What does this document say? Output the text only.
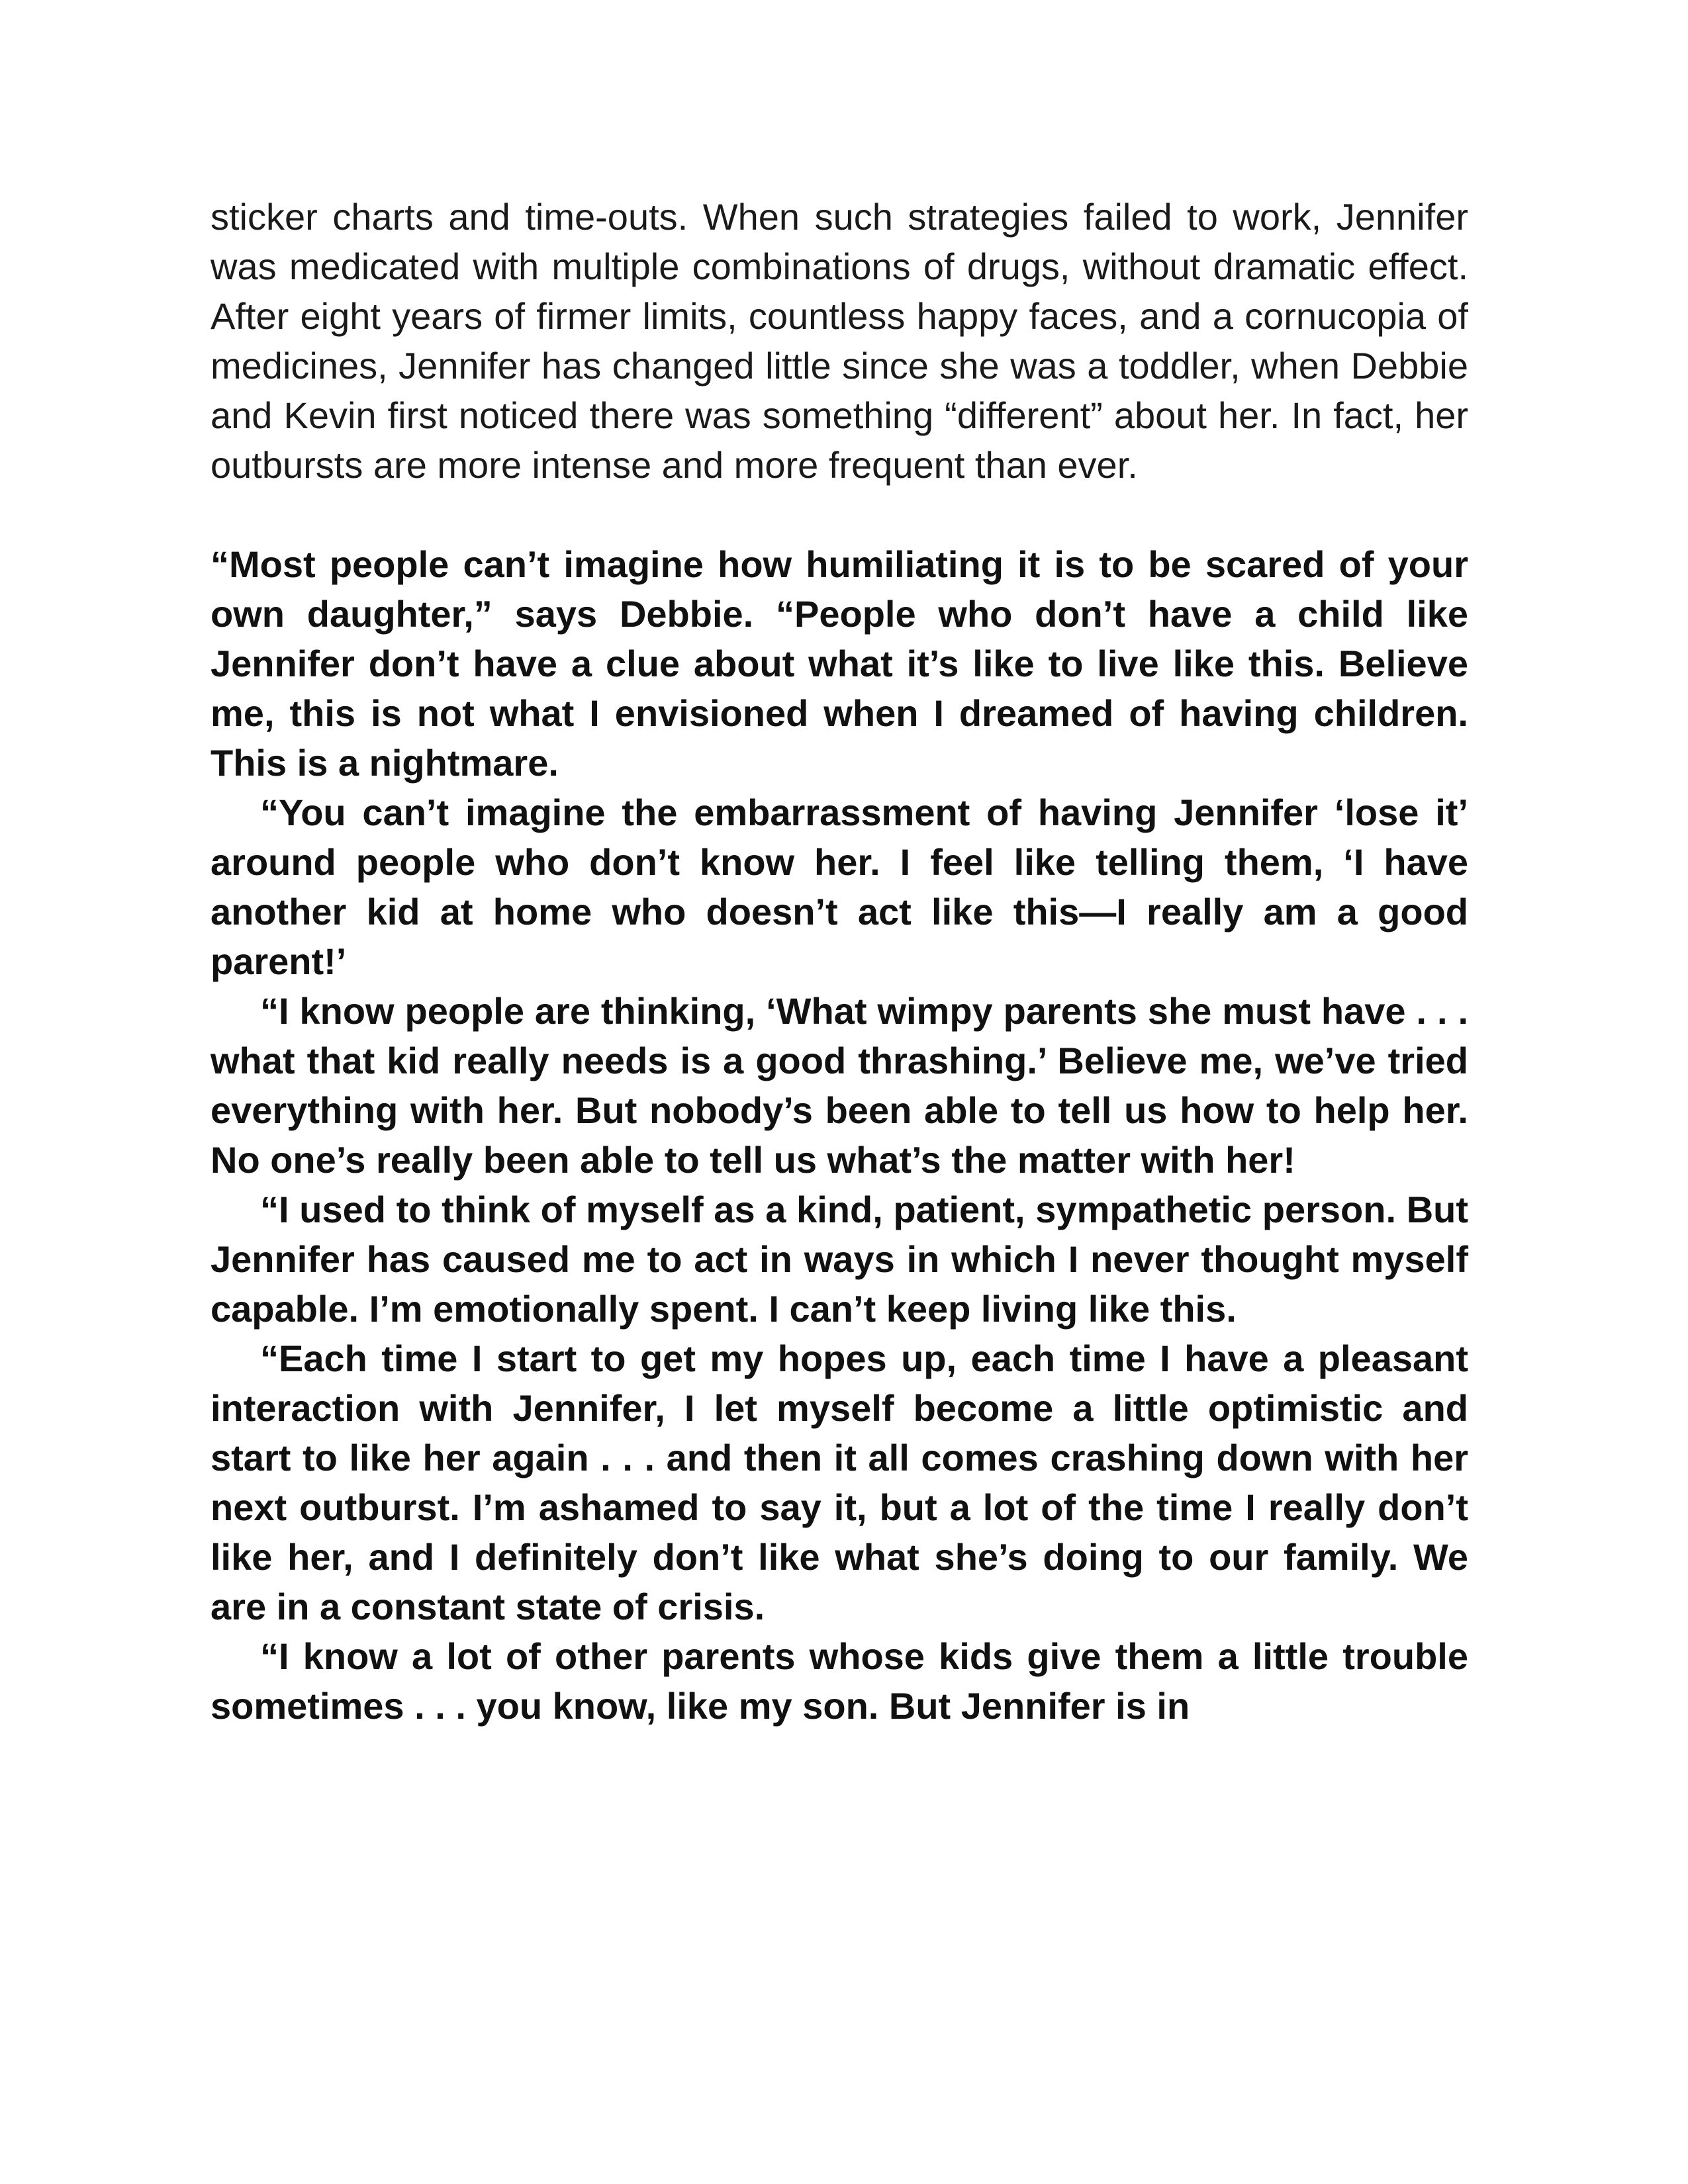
sticker charts and time-outs. When such strategies failed to work, Jennifer was medicated with multiple combinations of drugs, without dramatic effect. After eight years of firmer limits, countless happy faces, and a cornucopia of medicines, Jennifer has changed little since she was a toddler, when Debbie and Kevin first noticed there was something “different” about her. In fact, her outbursts are more intense and more frequent than ever.

“Most people can’t imagine how humiliating it is to be scared of your own daughter,” says Debbie. “People who don’t have a child like Jennifer don’t have a clue about what it’s like to live like this. Believe me, this is not what I envisioned when I dreamed of having children. This is a nightmare.

“You can’t imagine the embarrassment of having Jennifer ‘lose it’ around people who don’t know her. I feel like telling them, ‘I have another kid at home who doesn’t act like this—I really am a good parent!’

“I know people are thinking, ‘What wimpy parents she must have . . . what that kid really needs is a good thrashing.’ Believe me, we’ve tried everything with her. But nobody’s been able to tell us how to help her. No one’s really been able to tell us what’s the matter with her!

“I used to think of myself as a kind, patient, sympathetic person. But Jennifer has caused me to act in ways in which I never thought myself capable. I’m emotionally spent. I can’t keep living like this.

“Each time I start to get my hopes up, each time I have a pleasant interaction with Jennifer, I let myself become a little optimistic and start to like her again . . . and then it all comes crashing down with her next outburst. I’m ashamed to say it, but a lot of the time I really don’t like her, and I definitely don’t like what she’s doing to our family. We are in a constant state of crisis.

“I know a lot of other parents whose kids give them a little trouble sometimes . . . you know, like my son. But Jennifer is in
